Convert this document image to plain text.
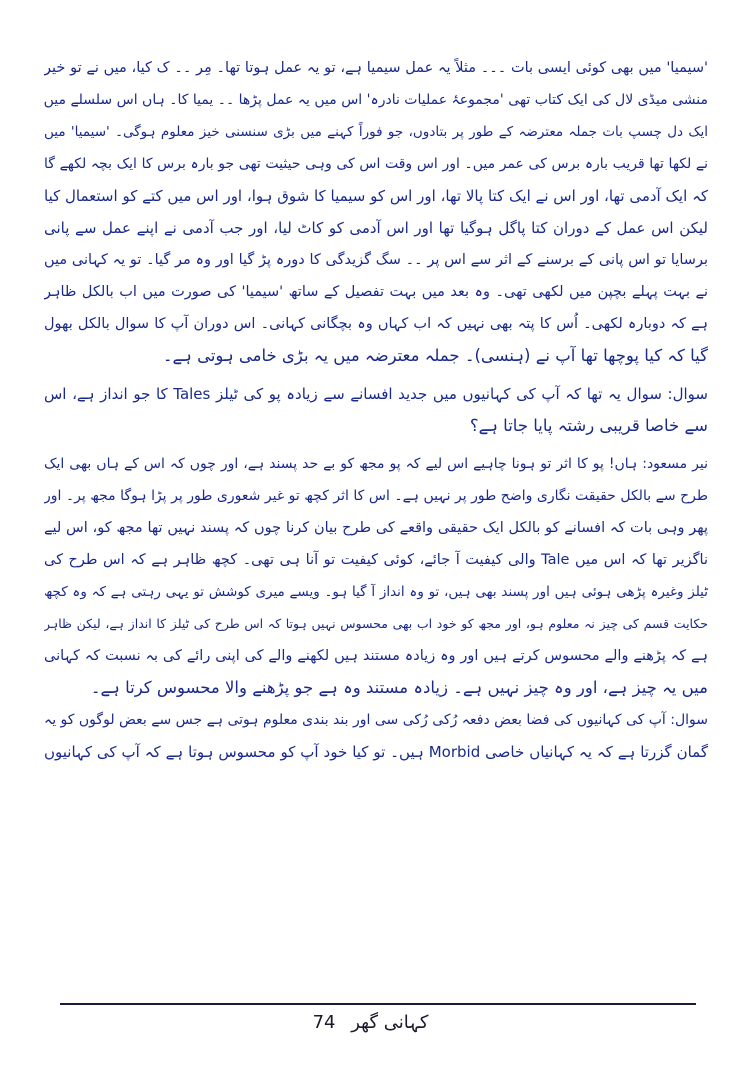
'سیمیا' میں بھی کوئی ایسی بات ۔۔۔ مثلاً یہ عمل سیمیا ہے، تو یہ عمل ہوتا تھا۔ مِر ۔۔ ک کیا، میں نے تو خیر
منشی میڈی لال کی ایک کتاب تھی 'مجموعۂ عملیات نادرہ' اس میں یہ عمل پڑھا ۔۔ یمیا کا۔ ہاں اس سلسلے میں
ایک دل چسپ بات جملہ معترضہ کے طور پر بتادوں، جو فوراً کہنے میں بڑی سنسنی خیز معلوم ہوگی۔ 'سیمیا' میں
نے لکھا تھا قریب بارہ برس کی عمر میں۔ اور اس وقت اس کی وہی حیثیت تھی جو بارہ برس کا ایک بچہ لکھے گا
کہ ایک آدمی تھا، اور اس نے ایک کتا پالا تھا، اور اس کو سیمیا کا شوق ہوا، اور اس میں کتے کو استعمال کیا
لیکن اس عمل کے دوران کتا پاگل ہوگیا تھا اور اس آدمی کو کاٹ لیا، اور جب آدمی نے اپنے عمل سے پانی
برسایا تو اس پانی کے برسنے کے اثر سے اس پر ۔۔ سگ گزیدگی کا دورہ پڑ گیا اور وہ مر گیا۔ تو یہ کہانی میں
نے بہت پہلے بچپن میں لکھی تھی۔ وہ بعد میں بہت تفصیل کے ساتھ 'سیمیا' کی صورت میں اب بالکل ظاہر
ہے کہ دوبارہ لکھی۔ اُس کا پتہ بھی نہیں کہ اب کہاں وہ بچگانی کہانی۔ اس دوران آپ کا سوال بالکل بھول
گیا کہ کیا پوچھا تھا آپ نے (ہنسی)۔ جملہ معترضہ میں یہ بڑی خامی ہوتی ہے۔
سوال: سوال یہ تھا کہ آپ کی کہانیوں میں جدید افسانے سے زیادہ پو کی ٹیلز Tales کا جو انداز ہے، اس
سے خاصا قریبی رشتہ پایا جاتا ہے؟
نیر مسعود: ہاں! پو کا اثر تو ہونا چاہیے اس لیے کہ پو مجھ کو بے حد پسند ہے، اور چوں کہ اس کے ہاں بھی ایک
طرح سے بالکل حقیقت نگاری واضح طور پر نہیں ہے۔ اس کا اثر کچھ تو غیر شعوری طور پر پڑا ہوگا مجھ پر۔ اور
پھر وہی بات کہ افسانے کو بالکل ایک حقیقی واقعے کی طرح بیان کرنا چوں کہ پسند نہیں تھا مجھ کو، اس لیے
ناگزیر تھا کہ اس میں Tale والی کیفیت آ جائے، کوئی کیفیت تو آنا ہی تھی۔ کچھ ظاہر ہے کہ اس طرح کی
ٹیلز وغیرہ پڑھی ہوئی ہیں اور پسند بھی ہیں، تو وہ انداز آ گیا ہو۔ ویسے میری کوشش تو یہی رہتی ہے کہ وہ کچھ
حکایت قسم کی چیز نہ معلوم ہو، اور مجھ کو خود اب بھی محسوس نہیں ہوتا کہ اس طرح کی ٹیلز کا انداز ہے، لیکن ظاہر
ہے کہ پڑھنے والے محسوس کرتے ہیں اور وہ زیادہ مستند ہیں لکھنے والے کی اپنی رائے کی بہ نسبت کہ کہانی
میں یہ چیز ہے، اور وہ چیز نہیں ہے۔ زیادہ مستند وہ ہے جو پڑھنے والا محسوس کرتا ہے۔
سوال: آپ کی کہانیوں کی فضا بعض دفعہ رُکی رُکی سی اور بند بندی معلوم ہوتی ہے جس سے بعض لوگوں کو یہ
گمان گزرتا ہے کہ یہ کہانیاں خاصی Morbid ہیں۔ تو کیا خود آپ کو محسوس ہوتا ہے کہ آپ کی کہانیوں
74 کہانی گھر
